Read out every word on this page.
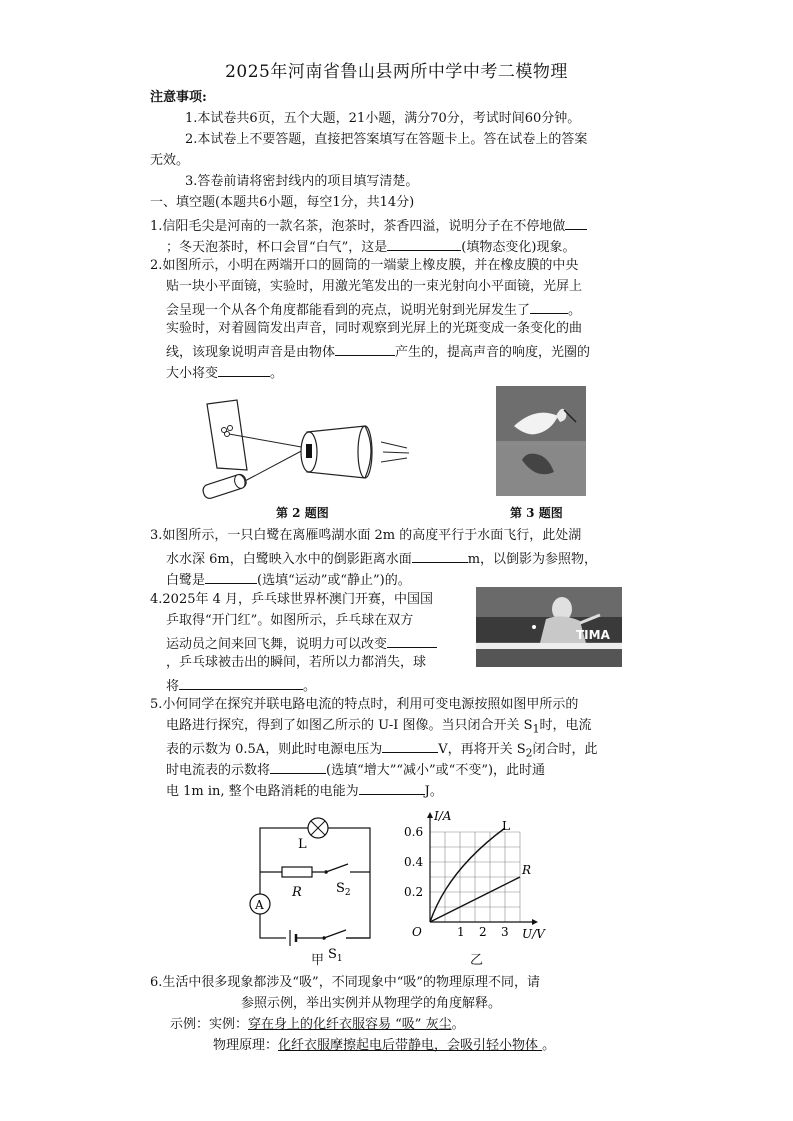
2025年河南省鲁山县两所中学中考二模物理
注意事项:
1.本试卷共6页，五个大题，21小题，满分70分，考试时间60分钟。
2.本试卷上不要答题，直接把答案填写在答题卡上。答在试卷上的答案
无效。
3.答卷前请将密封线内的项目填写清楚。
一、填空题(本题共6小题，每空1分，共14分)
1.信阳毛尖是河南的一款名茶，泡茶时，茶香四溢，说明分子在不停地做
；冬天泡茶时，杯口会冒“白气”，这是	(填物态变化)现象。
2.如图所示，小明在两端开口的圆筒的一端蒙上橡皮膜，并在橡皮膜的中央
贴一块小平面镜，实验时，用激光笔发出的一束光射向小平面镜，光屏上
会呈现一个从各个角度都能看到的亮点，说明光射到光屏发生了	。
实验时，对着圆筒发出声音，同时观察到光屏上的光斑变成一条变化的曲
线，该现象说明声音是由物体	产生的，提高声音的响度，光圈的
大小将变	。
第 2 题图	第 3 题图
3.如图所示，一只白鹭在离雁鸣湖水面 2m 的高度平行于水面飞行，此处湖
水水深 6m，白鹭映入水中的倒影距离水面	m，以倒影为参照物，
白鹭是	(选填“运动”或“静止”)的。
4.2025年 4 月，乒乓球世界杯澳门开赛，中国国
乒取得“开门红”。如图所示，乒乓球在双方
运动员之间来回飞舞，说明力可以改变
，乒乓球被击出的瞬间，若所以力都消失，球
将	。
TIMA
5.小何同学在探究并联电路电流的特点时，利用可变电源按照如图甲所示的
电路进行探究，得到了如图乙所示的 U-I 图像。当只闭合开关 $S_1$时，电流
表的示数为 0.5A，则此时电源电压为	V，再将开关 $S_2$闭合时，此
时电流表的示数将	(选填“增大”“减小”或“不变”)，此时通
电 1m in, 整个电路消耗的电能为	J。
L
R	$S_2$
A
$S_1$
甲
I/A
U/V
O
0.2
0.4
0.6
1 2 3
L
R
乙
6.生活中很多现象都涉及“吸”，不同现象中“吸”的物理原理不同，请
参照示例，举出实例并从物理学的角度解释。
示例：实例：穿在身上的化纤衣服容易 “吸” 灰尘。
物理原理：化纤衣服摩擦起电后带静电，会吸引轻小物体 。
